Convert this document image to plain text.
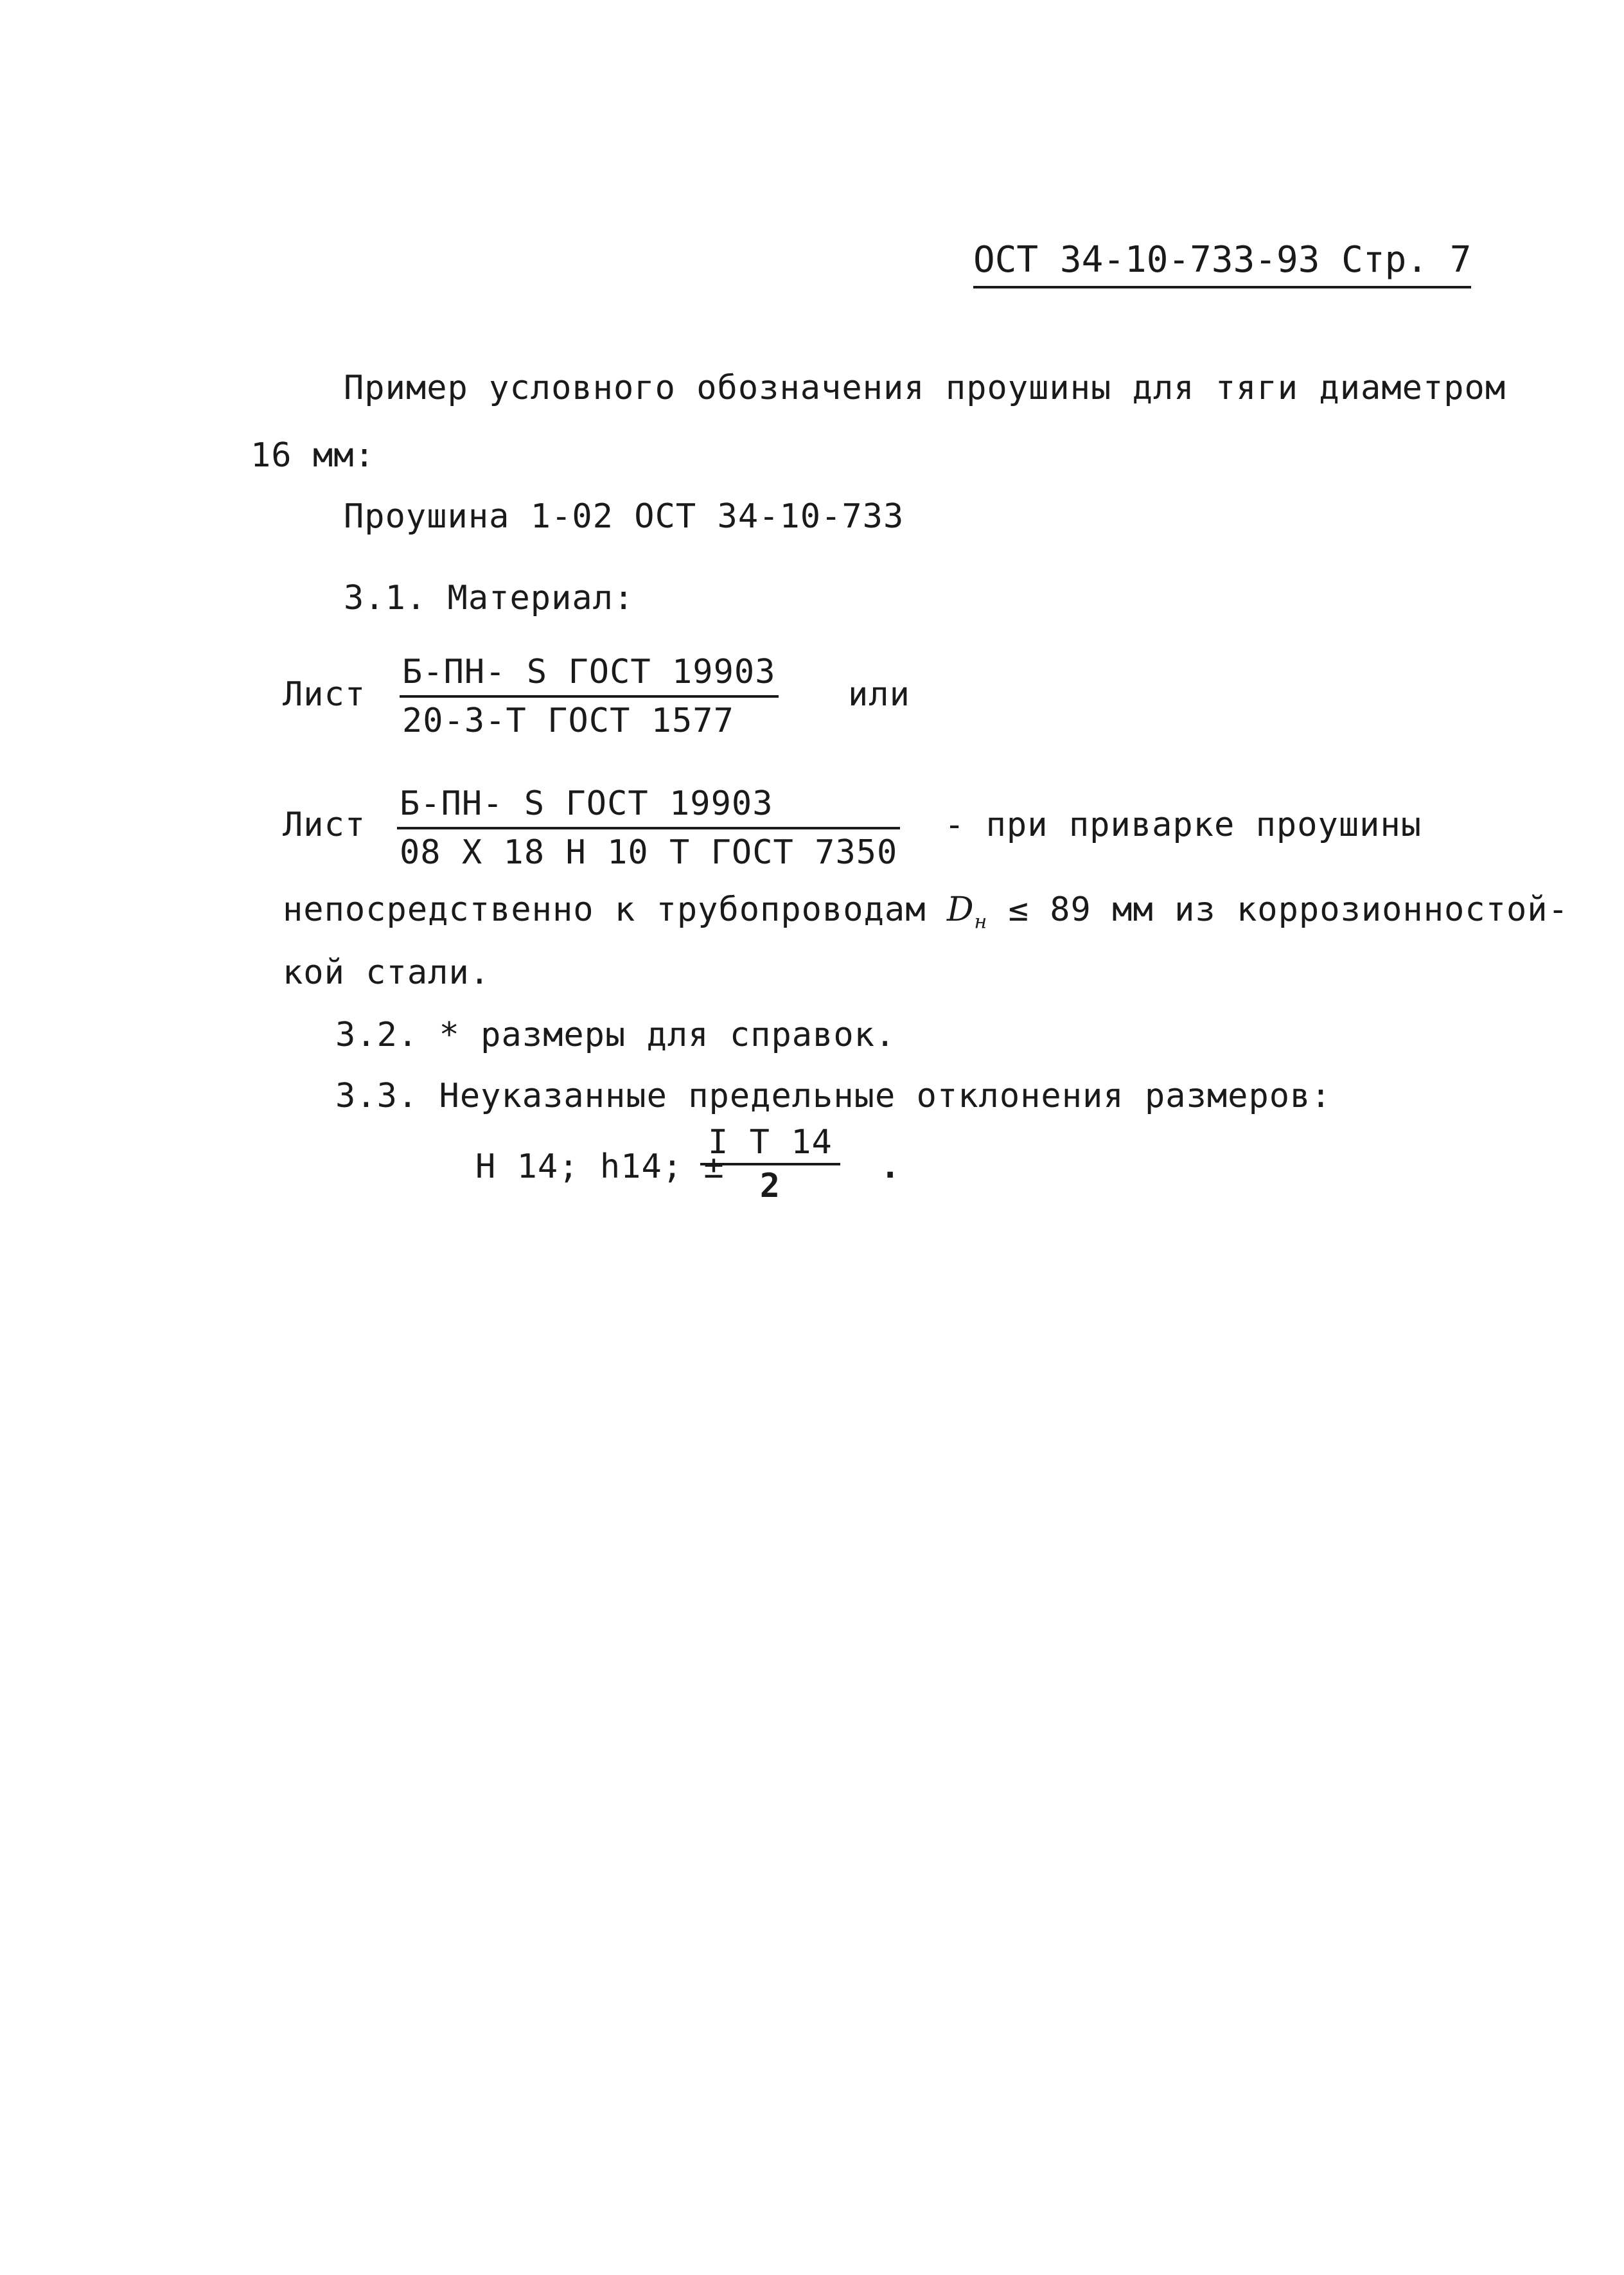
ОСТ 34-10-733-93 Стр. 7
Пример условного обозначения проушины для тяги диаметром
16 мм:
Проушина 1-02 ОСТ 34-10-733
3.1. Материал:
Лист
Б-ПН- S ГОСТ 19903
20-3-Т ГОСТ 1577
или
Лист
Б-ПН- S ГОСТ 19903
08 Х 18 Н 10 Т ГОСТ 7350
- при приварке проушины
непосредственно к трубопроводам $D_н \le 89$ мм из коррозионностой-
кой стали.
3.2. * размеры для справок.
3.3. Неуказанные предельные отклонения размеров:
Н 14; h14; ±
$\frac{\text{I T 14}}{2}$ .
